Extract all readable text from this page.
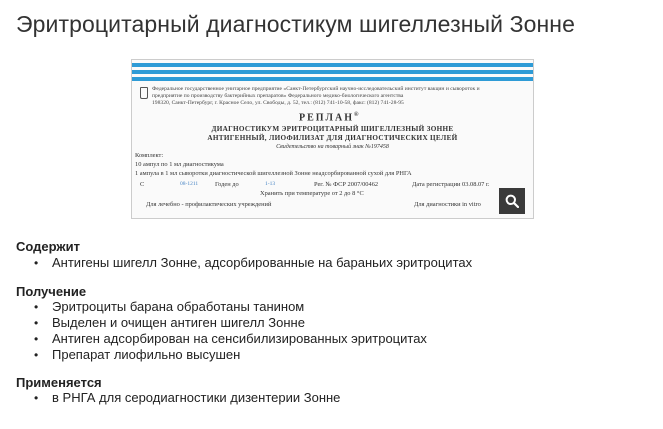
Эритроцитарный диагностикум шигеллезный Зонне
Федеральное государственное унитарное предприятие «Санкт-Петербургский научно-исследовательский институт вакцин и сывороток и
предприятие по производству бактерийных препаратов» Федерального медико-биологического агентства
198320, Санкт-Петербург, г. Красное Село, ул. Свободы, д. 52, тел.: (812) 741-10-58, факс: (812) 741-28-95
РЕПЛАН®
ДИАГНОСТИКУМ ЭРИТРОЦИТАРНЫЙ ШИГЕЛЛЕЗНЫЙ ЗОННЕ
АНТИГЕННЫЙ, ЛИОФИЛИЗАТ ДЛЯ ДИАГНОСТИЧЕСКИХ ЦЕЛЕЙ
Свидетельство на товарный знак №197458
Комплект:
10 ампул по 1 мл диагностикума
1 ампула в 1 мл сыворотки диагностической шигеллезной Зонне неадсорбированной сухой для РНГА
С	08-1211	Годен до	1-13	Рег. № ФСР 2007/00462	Дата регистрации 03.08.07 г.
Хранить при температуре от 2 до 8 °С
Для лечебно - профилактических учреждений	Для диагностики in vitro
Содержит
• Антигены шигелл Зонне, адсорбированные на бараньих эритроцитах
Получение
• Эритроциты барана обработаны танином
• Выделен и очищен антиген шигелл Зонне
• Антиген адсорбирован на сенсибилизированных эритроцитах
• Препарат лиофильно высушен
Применяется
• в РНГА для серодиагностики дизентерии Зонне
